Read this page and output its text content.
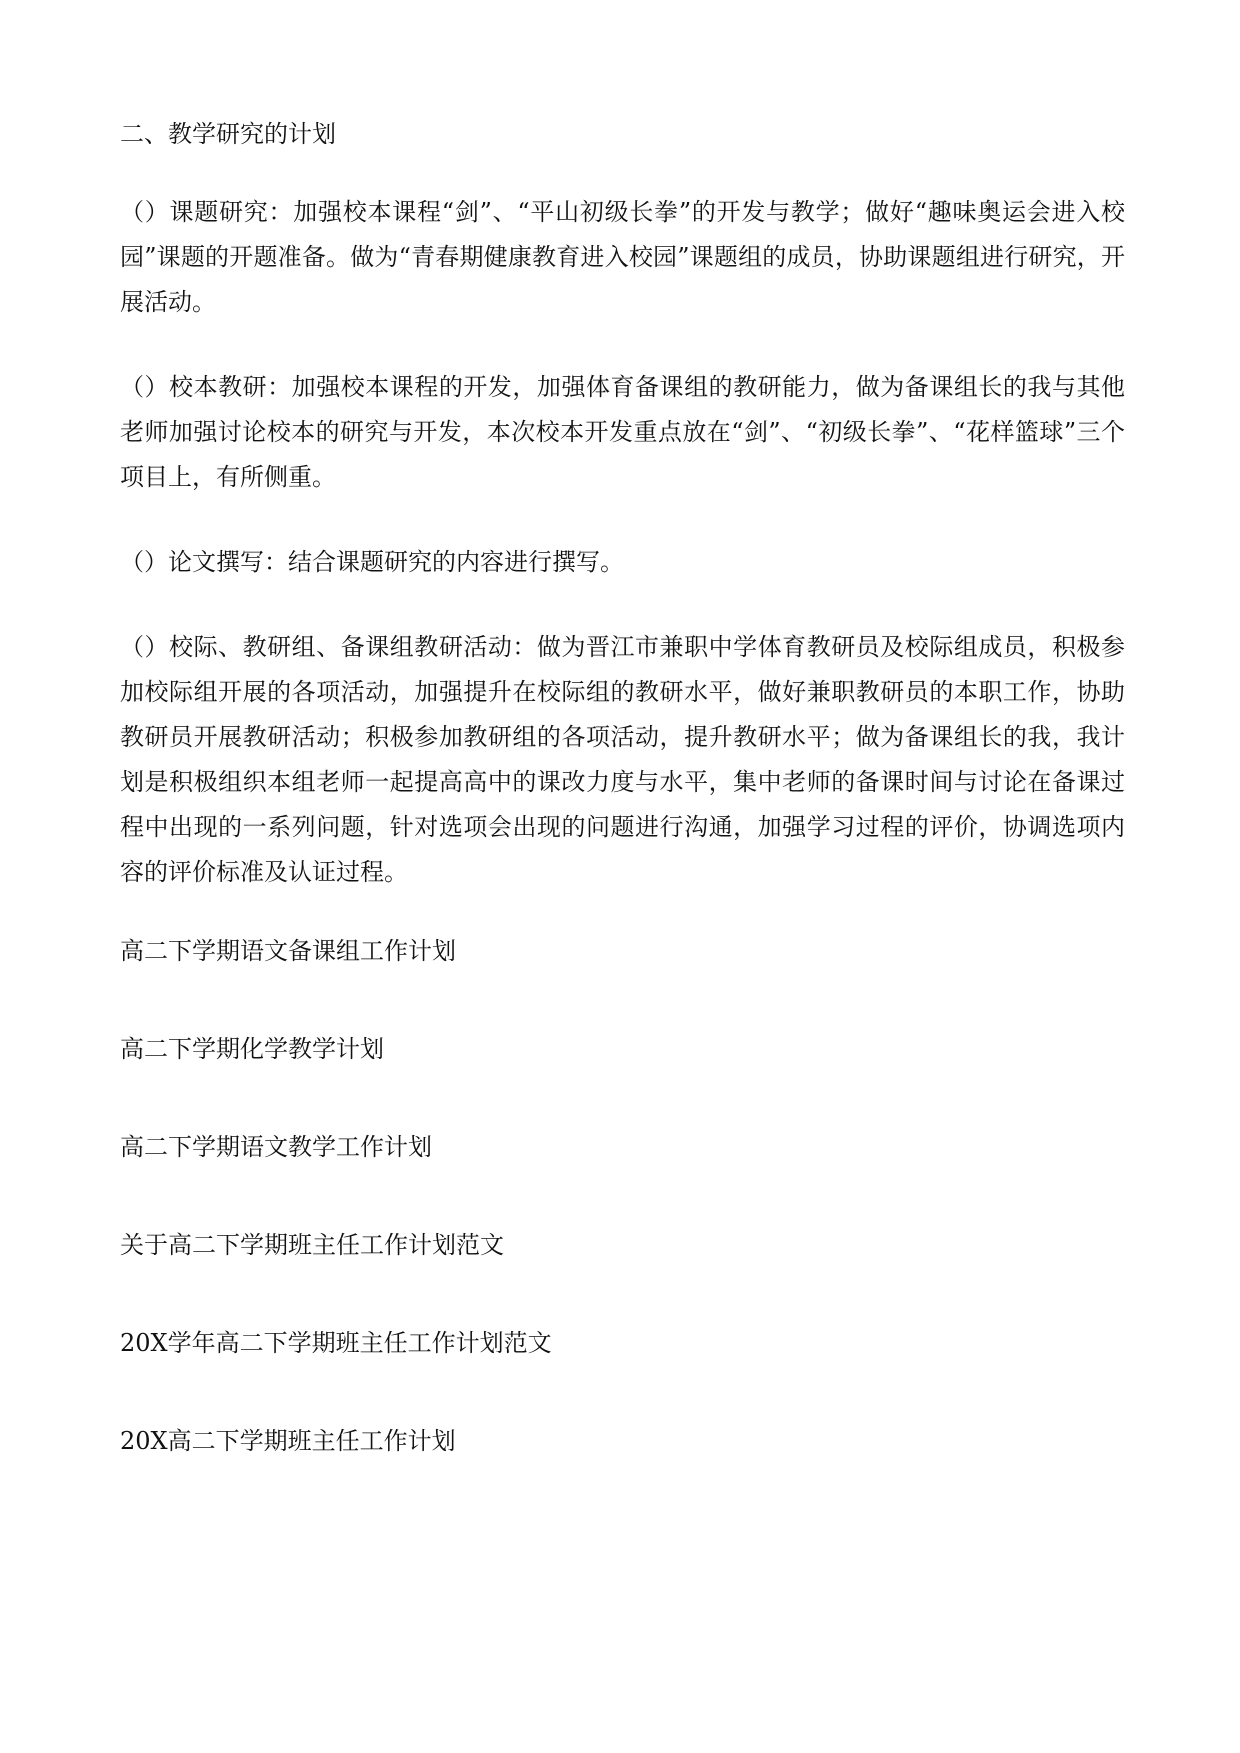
二、教学研究的计划

（）课题研究：加强校本课程“剑”、“平山初级长拳”的开发与教学；做好“趣味奥运会进入校园”课题的开题准备。做为“青春期健康教育进入校园”课题组的成员，协助课题组进行研究，开展活动。

（）校本教研：加强校本课程的开发，加强体育备课组的教研能力，做为备课组长的我与其他老师加强讨论校本的研究与开发，本次校本开发重点放在“剑”、“初级长拳”、“花样篮球”三个项目上，有所侧重。

（）论文撰写：结合课题研究的内容进行撰写。

（）校际、教研组、备课组教研活动：做为晋江市兼职中学体育教研员及校际组成员，积极参加校际组开展的各项活动，加强提升在校际组的教研水平，做好兼职教研员的本职工作，协助教研员开展教研活动；积极参加教研组的各项活动，提升教研水平；做为备课组长的我，我计划是积极组织本组老师一起提高高中的课改力度与水平，集中老师的备课时间与讨论在备课过程中出现的一系列问题，针对选项会出现的问题进行沟通，加强学习过程的评价，协调选项内容的评价标准及认证过程。

高二下学期语文备课组工作计划

高二下学期化学教学计划

高二下学期语文教学工作计划

关于高二下学期班主任工作计划范文

20X学年高二下学期班主任工作计划范文

20X高二下学期班主任工作计划
